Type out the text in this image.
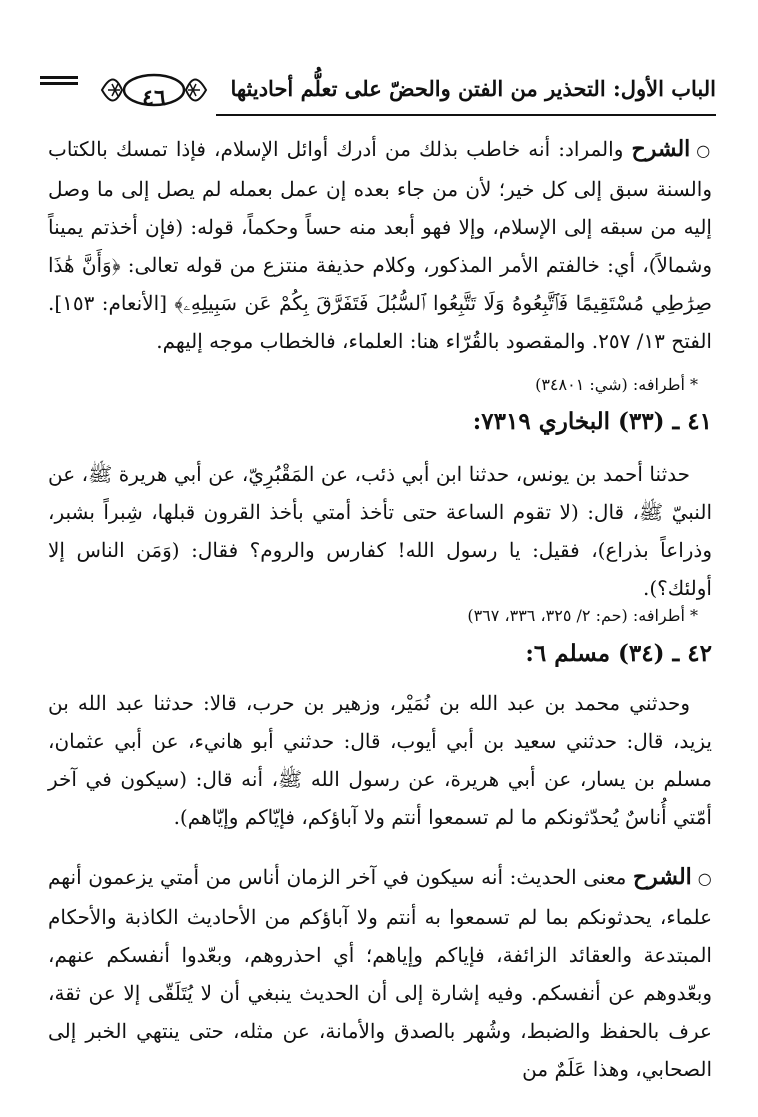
الباب الأول: التحذير من الفتن والحضّ على تعلُّم أحاديثها
٤٦

○الشرح والمراد: أنه خاطب بذلك من أدرك أوائل الإسلام، فإذا تمسك بالكتاب والسنة سبق إلى كل خير؛ لأن من جاء بعده إن عمل بعمله لم يصل إلى ما وصل إليه من سبقه إلى الإسلام، وإلا فهو أبعد منه حساً وحكماً، قوله: (فإن أخذتم يميناً وشمالاً)، أي: خالفتم الأمر المذكور، وكلام حذيفة منتزع من قوله تعالى: ﴿وَأَنَّ هَٰذَا صِرَٰطِي مُسْتَقِيمًا فَٱتَّبِعُوهُ وَلَا تَتَّبِعُوا ٱلسُّبُلَ فَتَفَرَّقَ بِكُمْ عَن سَبِيلِهِۦ﴾ [الأنعام: ١٥٣]. الفتح ١٣/ ٢٥٧. والمقصود بالقُرّاء هنا: العلماء، فالخطاب موجه إليهم.

* أطرافه: (شي: ٣٤٨٠١)
٤١ ـ (٣٣) البخاري ٧٣١٩:

حدثنا أحمد بن يونس، حدثنا ابن أبي ذئب، عن المَقْبُرِيّ، عن أبي هريرة ﷺ، عن النبيّ ﷺ، قال: (لا تقوم الساعة حتى تأخذ أمتي بأخذ القرون قبلها، شِبراً بشبر، وذراعاً بذراع)، فقيل: يا رسول الله! كفارس والروم؟ فقال: (وَمَن الناس إلا أولئك؟).

* أطرافه: (حم: ٢/ ٣٢٥، ٣٣٦، ٣٦٧)
٤٢ ـ (٣٤) مسلم ٦:

وحدثني محمد بن عبد الله بن نُمَيْر، وزهير بن حرب، قالا: حدثنا عبد الله بن يزيد، قال: حدثني سعيد بن أبي أيوب، قال: حدثني أبو هانيء، عن أبي عثمان، مسلم بن يسار، عن أبي هريرة، عن رسول الله ﷺ، أنه قال: (سيكون في آخر أمّتي أُناسٌ يُحدّثونكم ما لم تسمعوا أنتم ولا آباؤكم، فإيّاكم وإيّاهم).

○الشرح معنى الحديث: أنه سيكون في آخر الزمان أناس من أمتي يزعمون أنهم علماء، يحدثونكم بما لم تسمعوا به أنتم ولا آباؤكم من الأحاديث الكاذبة والأحكام المبتدعة والعقائد الزائفة، فإياكم وإياهم؛ أي احذروهم، وبعّدوا أنفسكم عنهم، وبعّدوهم عن أنفسكم. وفيه إشارة إلى أن الحديث ينبغي أن لا يُتَلَقّى إلا عن ثقة، عرف بالحفظ والضبط، وشُهر بالصدق والأمانة، عن مثله، حتى ينتهي الخبر إلى الصحابي، وهذا عَلَمٌ من
